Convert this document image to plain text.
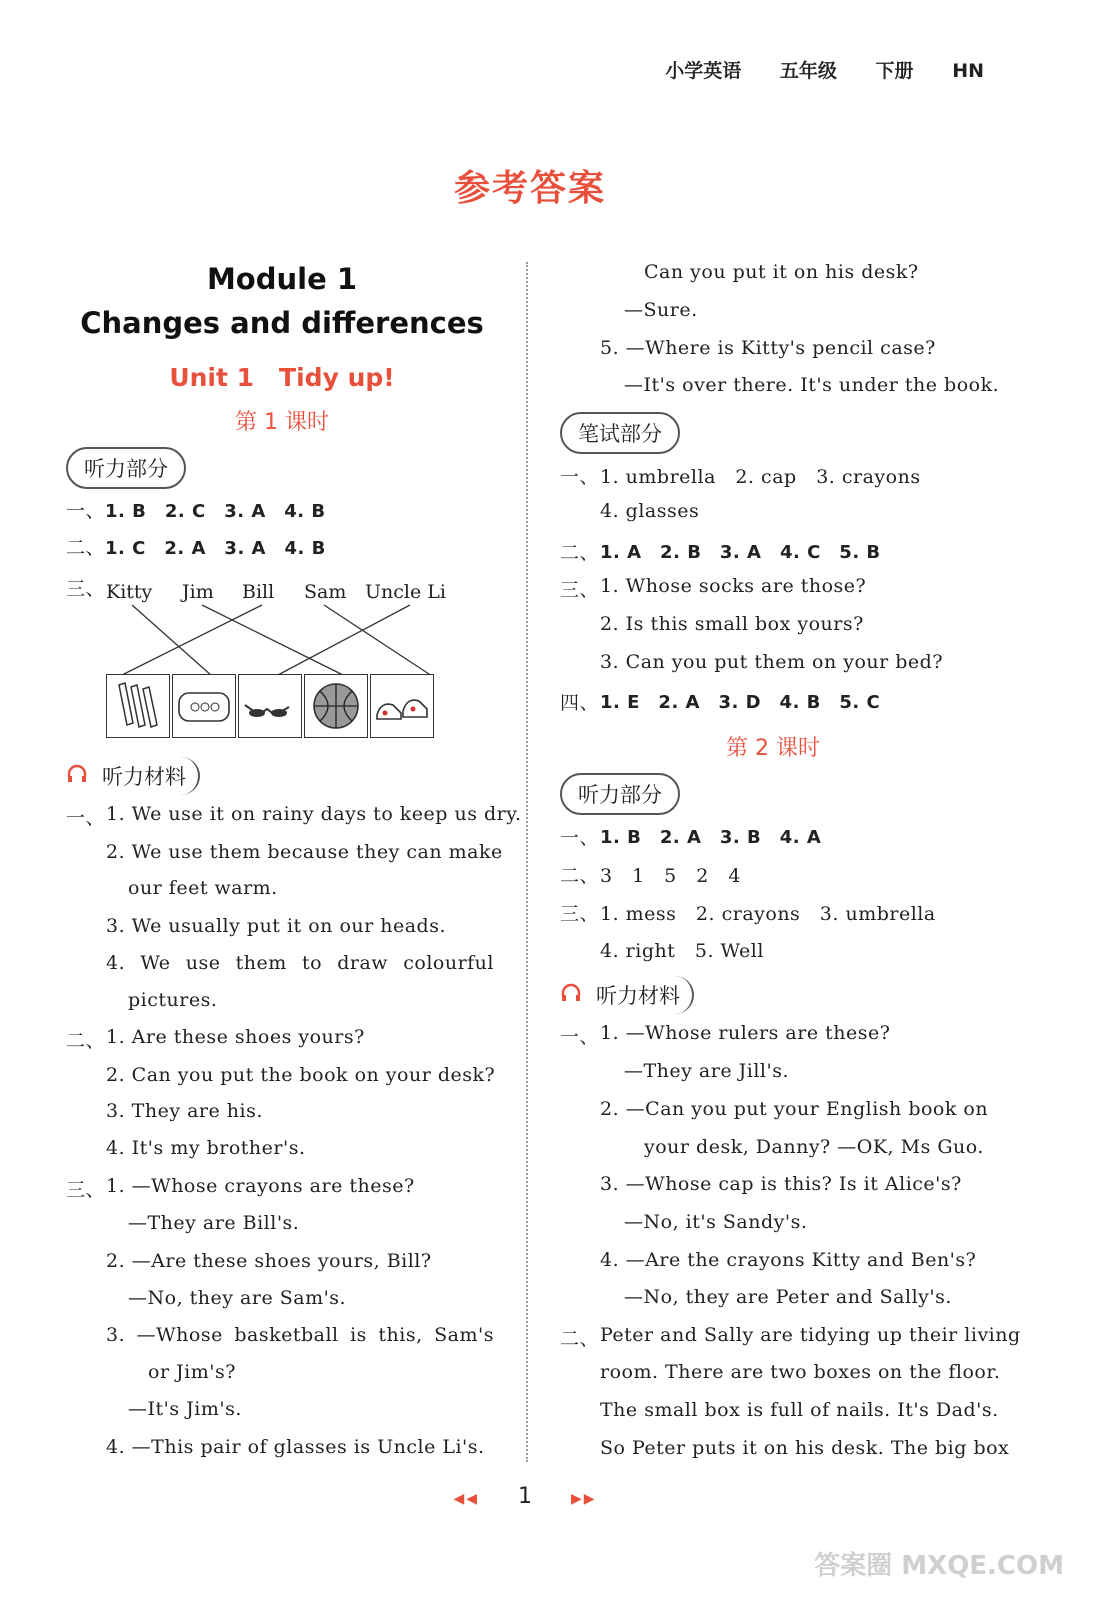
小学英语 五年级 下册 HN
参考答案
Module 1
Changes and differences
Unit 1　Tidy up!
第 1 课时
听力部分
一、1. B　2. C　3. A　4. B
二、1. C　2. A　3. A　4. B
三、 Kitty Jim Bill Sam Uncle Li
听力材料
一、 1. We use it on rainy days to keep us dry.
2. We use them because they can make
our feet warm.
3. We usually put it on our heads.
4. We use them to draw colourful
pictures.
二、 1. Are these shoes yours?
2. Can you put the book on your desk?
3. They are his.
4. It's my brother's.
三、 1. —Whose crayons are these?
—They are Bill's.
2. —Are these shoes yours, Bill?
—No, they are Sam's.
3. —Whose basketball is this, Sam's
or Jim's?
—It's Jim's.
4. —This pair of glasses is Uncle Li's.
Can you put it on his desk?
—Sure.
5. —Where is Kitty's pencil case?
—It's over there. It's under the book.
笔试部分
一、 1. umbrella　2. cap　3. crayons
4. glasses
二、 1. A　2. B　3. A　4. C　5. B
三、 1. Whose socks are those?
2. Is this small box yours?
3. Can you put them on your bed?
四、 1. E　2. A　3. D　4. B　5. C
第 2 课时
听力部分
一、 1. B　2. A　3. B　4. A
二、 3　1　5　2　4
三、 1. mess　2. crayons　3. umbrella
4. right　5. Well
听力材料
一、 1. —Whose rulers are these?
—They are Jill's.
2. —Can you put your English book on
your desk, Danny? —OK, Ms Guo.
3. —Whose cap is this? Is it Alice's?
—No, it's Sandy's.
4. —Are the crayons Kitty and Ben's?
—No, they are Peter and Sally's.
二、 Peter and Sally are tidying up their living
room. There are two boxes on the floor.
The small box is full of nails. It's Dad's.
So Peter puts it on his desk. The big box
◀◀ 1	▶▶
答案圈 MXQE.COM
